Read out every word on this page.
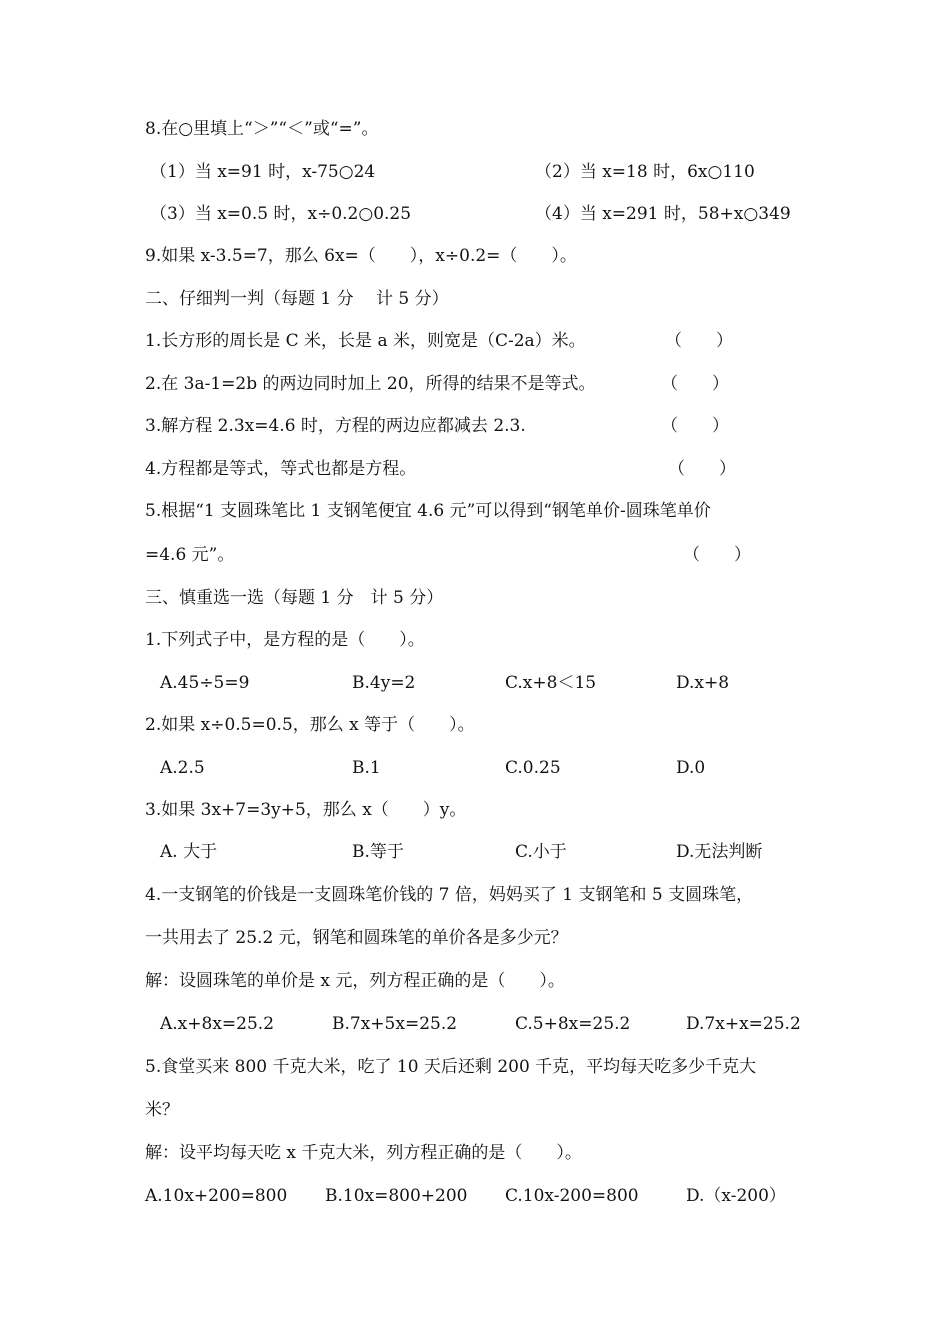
8.在○里填上“＞”“＜”或“=”。
（1）当 x=91 时，x-75○24	（2）当 x=18 时，6x○110
（3）当 x=0.5 时，x÷0.2○0.25	（4）当 x=291 时，58+x○349
9.如果 x-3.5=7，那么 6x=（　　），x÷0.2=（　　）。
二、仔细判一判（每题 1 分　 计 5 分）
1.长方形的周长是 C 米，长是 a 米，则宽是（C-2a）米。	（　　）
2.在 3a-1=2b 的两边同时加上 20，所得的结果不是等式。	（　　）
3.解方程 2.3x=4.6 时，方程的两边应都减去 2.3.	（　　）
4.方程都是等式，等式也都是方程。	（　　）
5.根据“1 支圆珠笔比 1 支钢笔便宜 4.6 元”可以得到“钢笔单价-圆珠笔单价
=4.6 元”。	（　　）
三、慎重选一选（每题 1 分　计 5 分）
1.下列式子中，是方程的是（　　）。
A.45÷5=9	B.4y=2	C.x+8＜15	D.x+8
2.如果 x÷0.5=0.5，那么 x 等于（　　）。
A.2.5	B.1	C.0.25	D.0
3.如果 3x+7=3y+5，那么 x（　　）y。
A. 大于	B.等于	C.小于	D.无法判断
4.一支钢笔的价钱是一支圆珠笔价钱的 7 倍，妈妈买了 1 支钢笔和 5 支圆珠笔，
一共用去了 25.2 元，钢笔和圆珠笔的单价各是多少元？
解：设圆珠笔的单价是 x 元，列方程正确的是（　　）。
A.x+8x=25.2	B.7x+5x=25.2	C.5+8x=25.2	D.7x+x=25.2
5.食堂买来 800 千克大米，吃了 10 天后还剩 200 千克，平均每天吃多少千克大
米？
解：设平均每天吃 x 千克大米，列方程正确的是（　　）。
A.10x+200=800 B.10x=800+200 C.10x-200=800	D.（x-200）
